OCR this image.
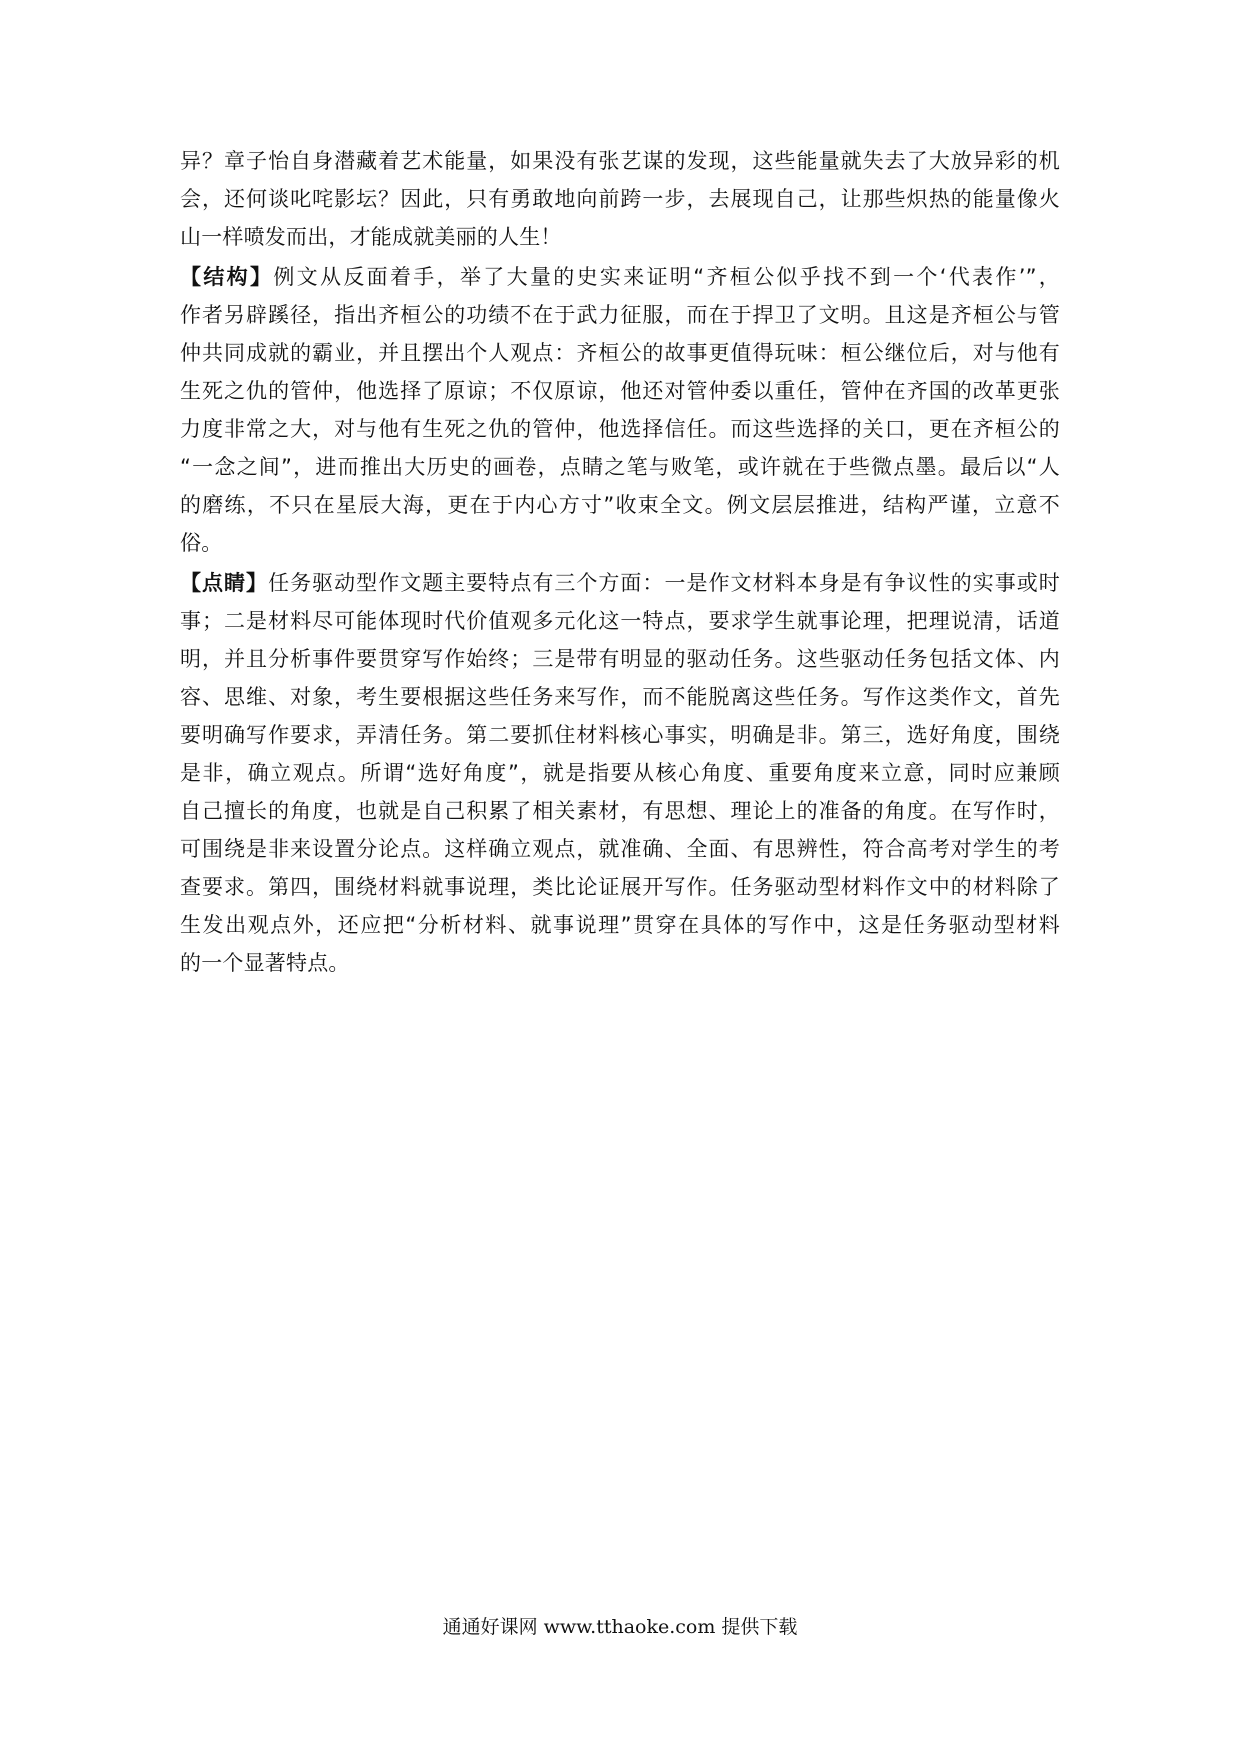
异？章子怡自身潜藏着艺术能量，如果没有张艺谋的发现，这些能量就失去了大放异彩的机
会，还何谈叱咤影坛？因此，只有勇敢地向前跨一步，去展现自己，让那些炽热的能量像火
山一样喷发而出，才能成就美丽的人生！
【结构】例文从反面着手，举了大量的史实来证明“齐桓公似乎找不到一个‘代表作’”，
作者另辟蹊径，指出齐桓公的功绩不在于武力征服，而在于捍卫了文明。且这是齐桓公与管
仲共同成就的霸业，并且摆出个人观点：齐桓公的故事更值得玩味：桓公继位后，对与他有
生死之仇的管仲，他选择了原谅；不仅原谅，他还对管仲委以重任，管仲在齐国的改革更张
力度非常之大，对与他有生死之仇的管仲，他选择信任。而这些选择的关口，更在齐桓公的
“一念之间”，进而推出大历史的画卷，点睛之笔与败笔，或许就在于些微点墨。最后以“人
的磨练，不只在星辰大海，更在于内心方寸”收束全文。例文层层推进，结构严谨，立意不
俗。
【点睛】任务驱动型作文题主要特点有三个方面：一是作文材料本身是有争议性的实事或时
事；二是材料尽可能体现时代价值观多元化这一特点，要求学生就事论理，把理说清，话道
明，并且分析事件要贯穿写作始终；三是带有明显的驱动任务。这些驱动任务包括文体、内
容、思维、对象，考生要根据这些任务来写作，而不能脱离这些任务。写作这类作文，首先
要明确写作要求，弄清任务。第二要抓住材料核心事实，明确是非。第三，选好角度，围绕
是非，确立观点。所谓“选好角度”，就是指要从核心角度、重要角度来立意，同时应兼顾
自己擅长的角度，也就是自己积累了相关素材，有思想、理论上的准备的角度。在写作时，
可围绕是非来设置分论点。这样确立观点，就准确、全面、有思辨性，符合高考对学生的考
查要求。第四，围绕材料就事说理，类比论证展开写作。任务驱动型材料作文中的材料除了
生发出观点外，还应把“分析材料、就事说理”贯穿在具体的写作中，这是任务驱动型材料
的一个显著特点。
通通好课网 www.tthaoke.com 提供下载
